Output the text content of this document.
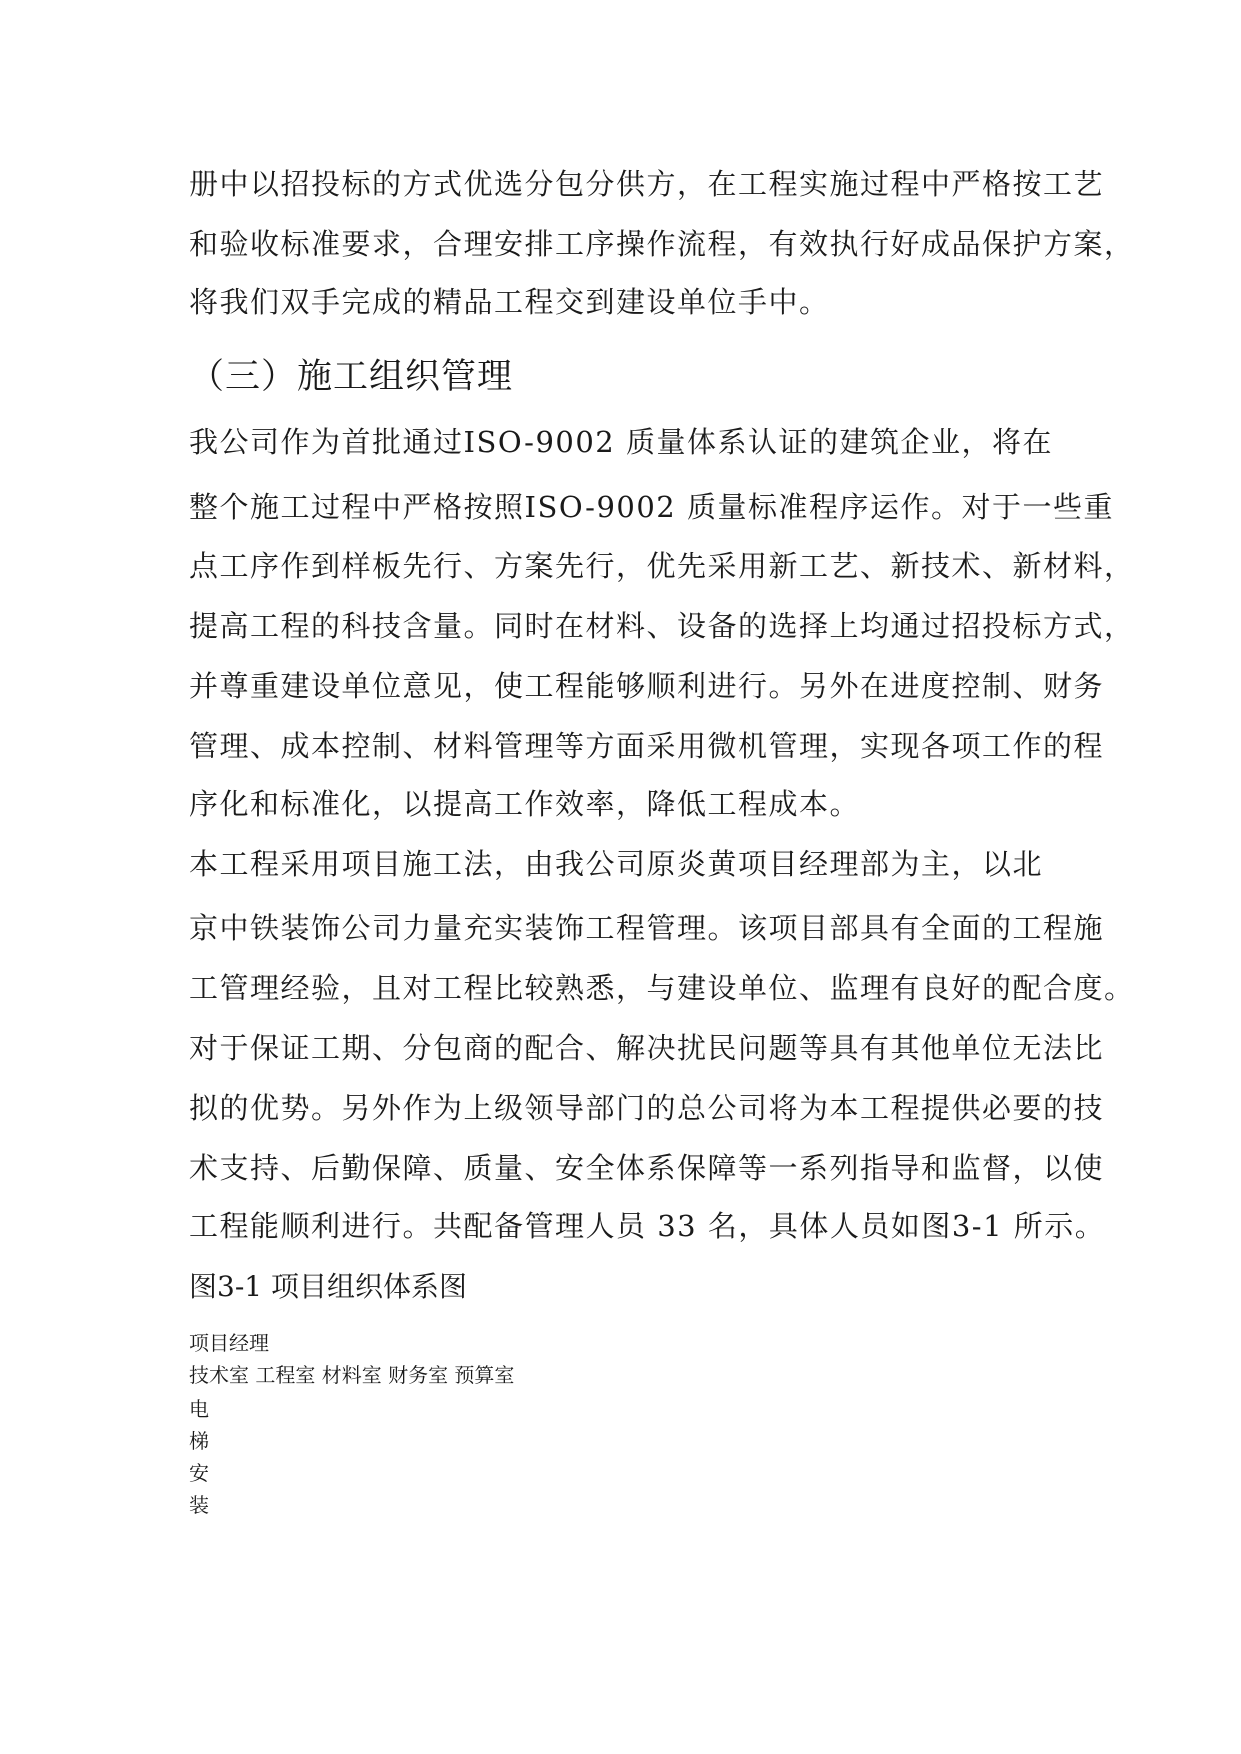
册中以招投标的方式优选分包分供方，在工程实施过程中严格按工艺
和验收标准要求，合理安排工序操作流程，有效执行好成品保护方案，
将我们双手完成的精品工程交到建设单位手中。
（三）施工组织管理
我公司作为首批通过ISO-9002 质量体系认证的建筑企业，将在
整个施工过程中严格按照ISO-9002 质量标准程序运作。对于一些重
点工序作到样板先行、方案先行，优先采用新工艺、新技术、新材料，
提高工程的科技含量。同时在材料、设备的选择上均通过招投标方式，
并尊重建设单位意见，使工程能够顺利进行。另外在进度控制、财务
管理、成本控制、材料管理等方面采用微机管理，实现各项工作的程
序化和标准化，以提高工作效率，降低工程成本。
本工程采用项目施工法，由我公司原炎黄项目经理部为主，以北
京中铁装饰公司力量充实装饰工程管理。该项目部具有全面的工程施
工管理经验，且对工程比较熟悉，与建设单位、监理有良好的配合度。
对于保证工期、分包商的配合、解决扰民问题等具有其他单位无法比
拟的优势。另外作为上级领导部门的总公司将为本工程提供必要的技
术支持、后勤保障、质量、安全体系保障等一系列指导和监督，以使
工程能顺利进行。共配备管理人员 33 名，具体人员如图3-1 所示。
图3-1 项目组织体系图
项目经理
技术室 工程室 材料室 财务室 预算室
电
梯
安
装
